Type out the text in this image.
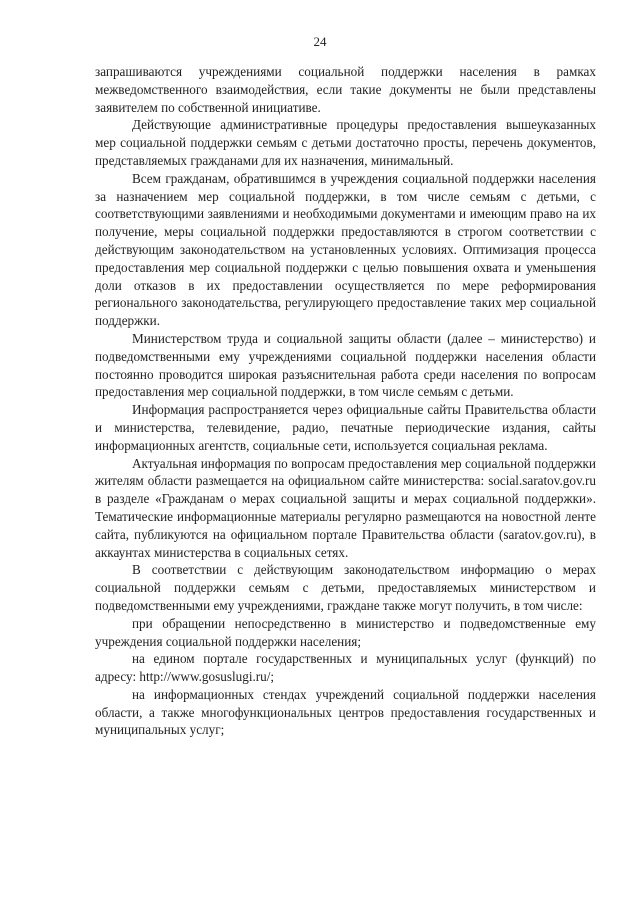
24

запрашиваются учреждениями социальной поддержки населения в рамках межведомственного взаимодействия, если такие документы не были представлены заявителем по собственной инициативе.

Действующие административные процедуры предоставления вышеуказанных мер социальной поддержки семьям с детьми достаточно просты, перечень документов, представляемых гражданами для их назначения, минимальный.

Всем гражданам, обратившимся в учреждения социальной поддержки населения за назначением мер социальной поддержки, в том числе семьям с детьми, с соответствующими заявлениями и необходимыми документами и имеющим право на их получение, меры социальной поддержки предоставляются в строгом соответствии с действующим законодательством на установленных условиях. Оптимизация процесса предоставления мер социальной поддержки с целью повышения охвата и уменьшения доли отказов в их предоставлении осуществляется по мере реформирования регионального законодательства, регулирующего предоставление таких мер социальной поддержки.

Министерством труда и социальной защиты области (далее – министерство) и подведомственными ему учреждениями социальной поддержки населения области постоянно проводится широкая разъяснительная работа среди населения по вопросам предоставления мер социальной поддержки, в том числе семьям с детьми.

Информация распространяется через официальные сайты Правительства области и министерства, телевидение, радио, печатные периодические издания, сайты информационных агентств, социальные сети, используется социальная реклама.

Актуальная информация по вопросам предоставления мер социальной поддержки жителям области размещается на официальном сайте министерства: social.saratov.gov.ru в разделе «Гражданам о мерах социальной защиты и мерах социальной поддержки». Тематические информационные материалы регулярно размещаются на новостной ленте сайта, публикуются на официальном портале Правительства области (saratov.gov.ru), в аккаунтах министерства в социальных сетях.

В соответствии с действующим законодательством информацию о мерах социальной поддержки семьям с детьми, предоставляемых министерством и подведомственными ему учреждениями, граждане также могут получить, в том числе:

при обращении непосредственно в министерство и подведомственные ему учреждения социальной поддержки населения;

на едином портале государственных и муниципальных услуг (функций) по адресу: http://www.gosuslugi.ru/;

на информационных стендах учреждений социальной поддержки населения области, а также многофункциональных центров предоставления государственных и муниципальных услуг;
